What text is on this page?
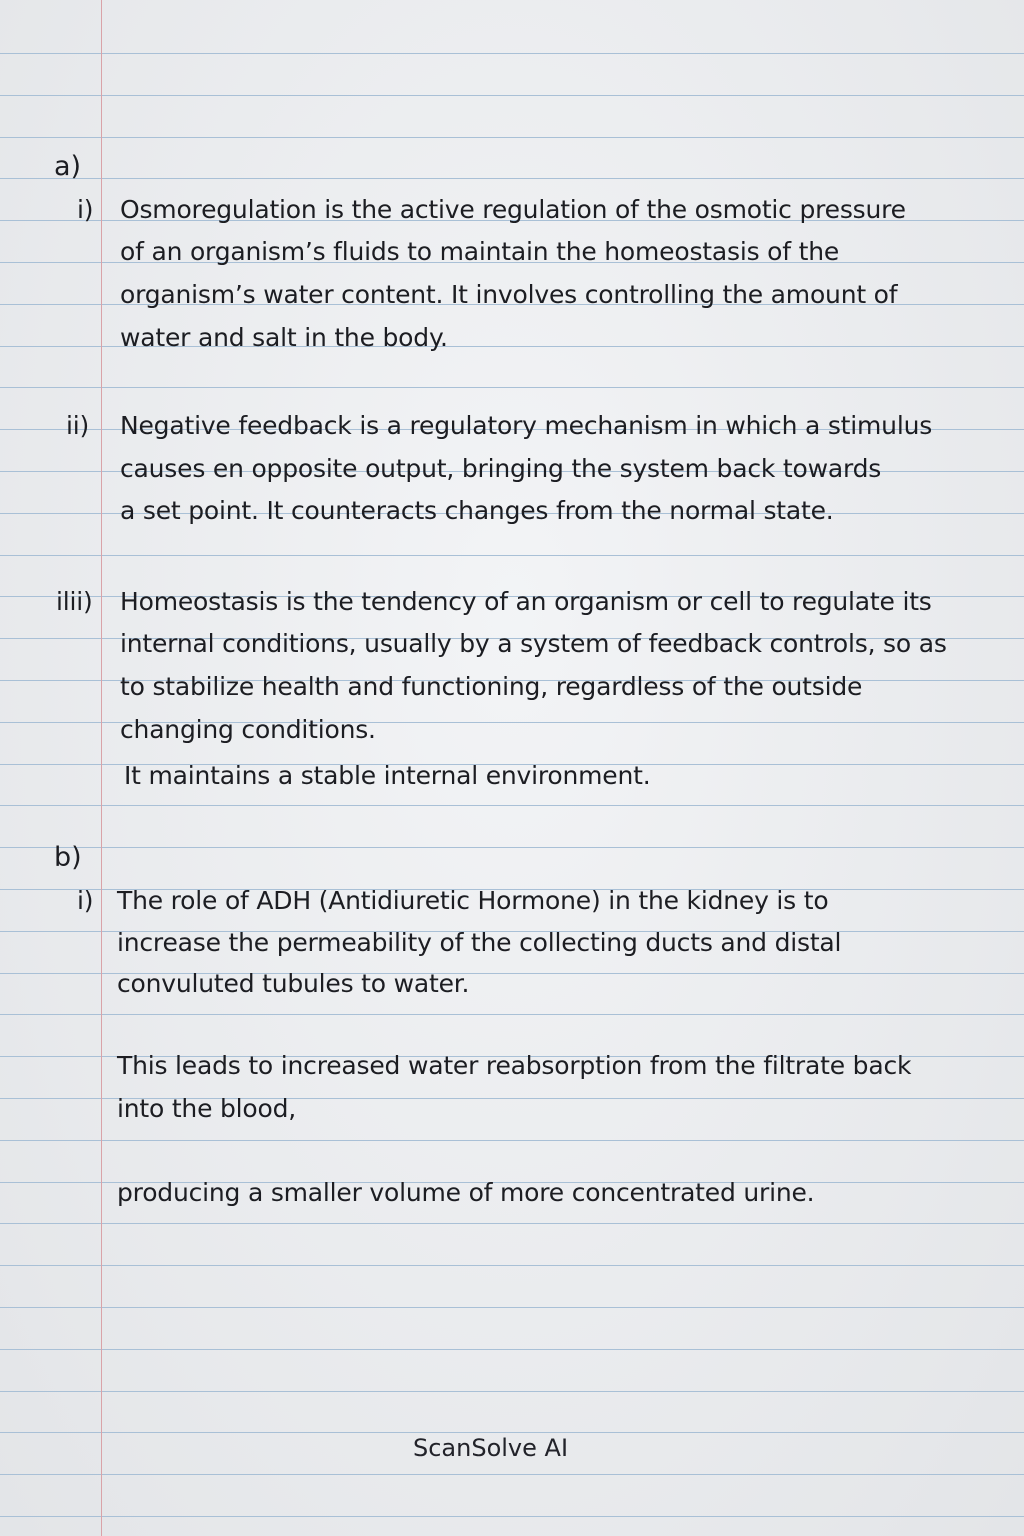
a)
i) Osmoregulation is the active regulation of the osmotic pressure
of an organism’s fluids to maintain the homeostasis of the
organism’s water content. It involves controlling the amount of
water and salt in the body.
ii) Negative feedback is a regulatory mechanism in which a stimulus
causes en opposite output, bringing the system back towards
a set point. It counteracts changes from the normal state.
ilii) Homeostasis is the tendency of an organism or cell to regulate its
internal conditions, usually by a system of feedback controls, so as
to stabilize health and functioning, regardless of the outside
changing conditions.
It maintains a stable internal environment.
b)
i) The role of ADH (Antidiuretic Hormone) in the kidney is to
increase the permeability of the collecting ducts and distal
convuluted tubules to water.
This leads to increased water reabsorption from the filtrate back
into the blood,
producing a smaller volume of more concentrated urine.
ScanSolve AI
